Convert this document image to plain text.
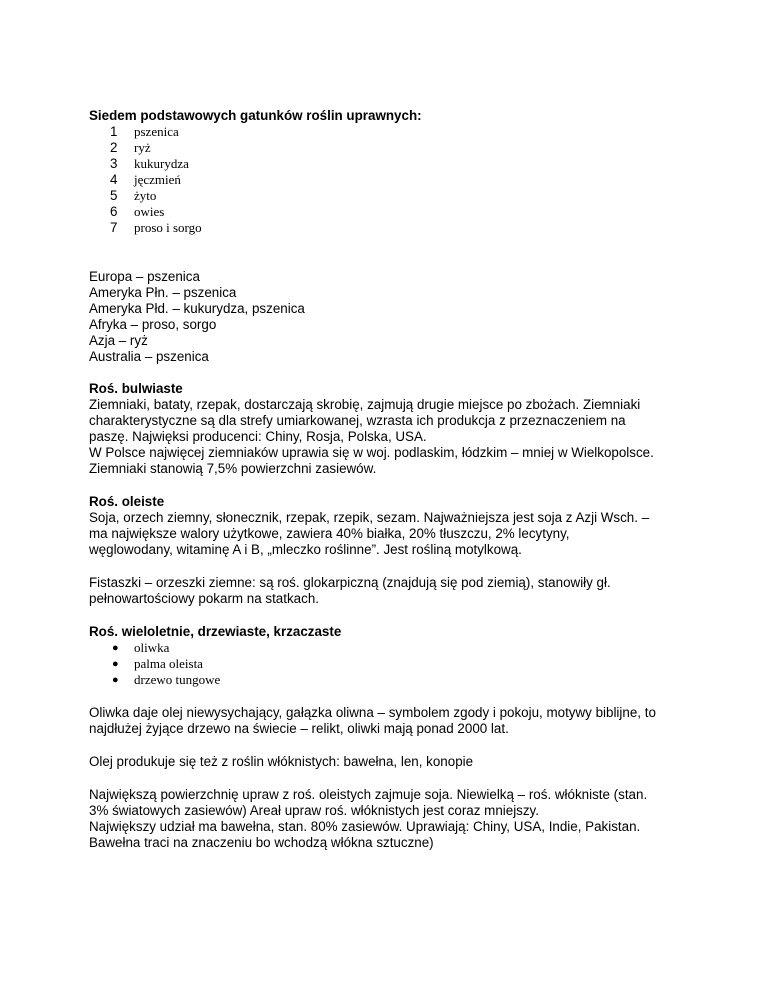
Siedem podstawowych gatunków roślin uprawnych:
1	pszenica
2	ryż
3	kukurydza
4	jęczmień
5	żyto
6	owies
7	proso i sorgo
Europa – pszenica
Ameryka Płn. – pszenica
Ameryka Płd. – kukurydza, pszenica
Afryka – proso, sorgo
Azja – ryż
Australia – pszenica
Roś. bulwiaste
Ziemniaki, bataty, rzepak, dostarczają skrobię, zajmują drugie miejsce po zbożach. Ziemniaki
charakterystyczne są dla strefy umiarkowanej, wzrasta ich produkcja z przeznaczeniem na
paszę. Najwięksi producenci: Chiny, Rosja, Polska, USA.
W Polsce najwięcej ziemniaków uprawia się w woj. podlaskim, łódzkim – mniej w Wielkopolsce.
Ziemniaki stanowią 7,5% powierzchni zasiewów.
Roś. oleiste
Soja, orzech ziemny, słonecznik, rzepak, rzepik, sezam. Najważniejsza jest soja z Azji Wsch. –
ma największe walory użytkowe, zawiera 40% białka, 20% tłuszczu, 2% lecytyny,
węglowodany, witaminę A i B, „mleczko roślinne”. Jest rośliną motylkową.
Fistaszki – orzeszki ziemne: są roś. glokarpiczną (znajdują się pod ziemią), stanowiły gł.
pełnowartościowy pokarm na statkach.
Roś. wieloletnie, drzewiaste, krzaczaste
● oliwka
● palma oleista
● drzewo tungowe
Oliwka daje olej niewysychający, gałązka oliwna – symbolem zgody i pokoju, motywy biblijne, to
najdłużej żyjące drzewo na świecie – relikt, oliwki mają ponad 2000 lat.
Olej produkuje się też z roślin włóknistych: bawełna, len, konopie
Największą powierzchnię upraw z roś. oleistych zajmuje soja. Niewielką – roś. włókniste (stan.
3% światowych zasiewów) Areał upraw roś. włóknistych jest coraz mniejszy.
Największy udział ma bawełna, stan. 80% zasiewów. Uprawiają: Chiny, USA, Indie, Pakistan.
Bawełna traci na znaczeniu bo wchodzą włókna sztuczne)
